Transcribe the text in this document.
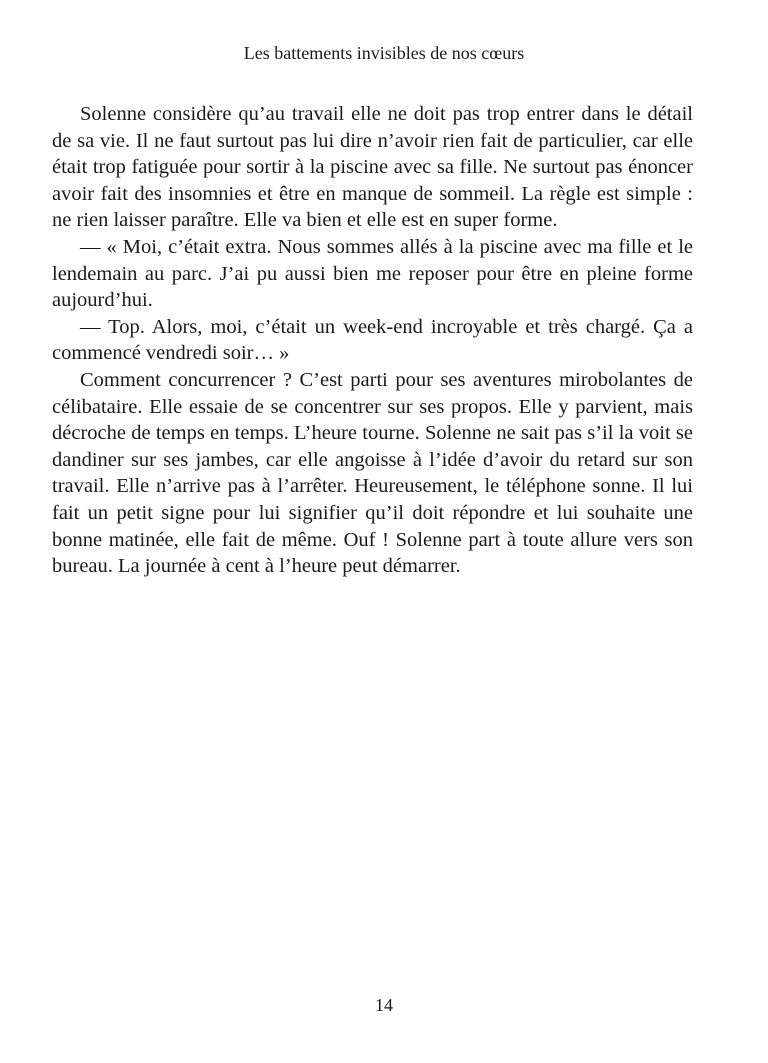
Les battements invisibles de nos cœurs

Solenne considère qu’au travail elle ne doit pas trop entrer dans le détail de sa vie. Il ne faut surtout pas lui dire n’avoir rien fait de particulier, car elle était trop fatiguée pour sortir à la piscine avec sa fille. Ne surtout pas énoncer avoir fait des insomnies et être en manque de sommeil. La règle est simple : ne rien laisser paraître. Elle va bien et elle est en super forme.

— « Moi, c’était extra. Nous sommes allés à la piscine avec ma fille et le lendemain au parc. J’ai pu aussi bien me reposer pour être en pleine forme aujourd’hui.

— Top. Alors, moi, c’était un week-end incroyable et très chargé. Ça a commencé vendredi soir… »

Comment concurrencer ? C’est parti pour ses aventures mirobolantes de célibataire. Elle essaie de se concentrer sur ses propos. Elle y parvient, mais décroche de temps en temps. L’heure tourne. Solenne ne sait pas s’il la voit se dandiner sur ses jambes, car elle angoisse à l’idée d’avoir du retard sur son travail. Elle n’arrive pas à l’arrêter. Heureusement, le téléphone sonne. Il lui fait un petit signe pour lui signifier qu’il doit répondre et lui souhaite une bonne matinée, elle fait de même. Ouf ! Solenne part à toute allure vers son bureau. La journée à cent à l’heure peut démarrer.

14
